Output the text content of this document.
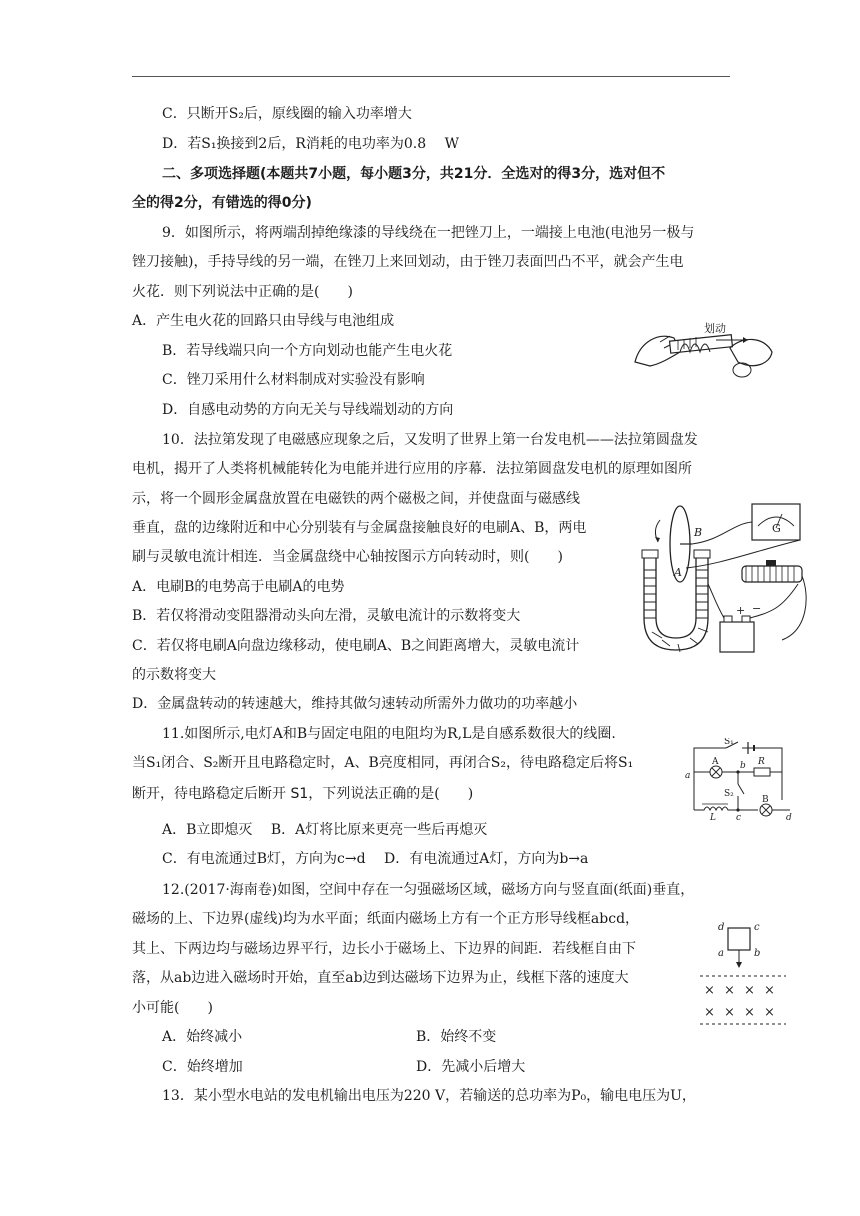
C．只断开S₂后，原线圈的输入功率增大
D．若S₁换接到2后，R消耗的电功率为0.8　 W
二、多项选择题(本题共7小题，每小题3分，共21分．全选对的得3分，选对但不
全的得2分，有错选的得0分)
9．如图所示，将两端刮掉绝缘漆的导线绕在一把锉刀上，一端接上电池(电池另一极与
锉刀接触)，手持导线的另一端，在锉刀上来回划动，由于锉刀表面凹凸不平，就会产生电
火花．则下列说法中正确的是(　　)
A．产生电火花的回路只由导线与电池组成
B．若导线端只向一个方向划动也能产生电火花
C．锉刀采用什么材料制成对实验没有影响
D．自感电动势的方向无关与导线端划动的方向
划动
10．法拉第发现了电磁感应现象之后，又发明了世界上第一台发电机——法拉第圆盘发
电机，揭开了人类将机械能转化为电能并进行应用的序幕．法拉第圆盘发电机的原理如图所
示，将一个圆形金属盘放置在电磁铁的两个磁极之间，并使盘面与磁感线
垂直，盘的边缘附近和中心分别装有与金属盘接触良好的电刷A、B，两电
刷与灵敏电流计相连．当金属盘绕中心轴按图示方向转动时，则(　　)
A．电刷B的电势高于电刷A的电势
B．若仅将滑动变阻器滑动头向左滑，灵敏电流计的示数将变大
C．若仅将电刷A向盘边缘移动，使电刷A、B之间距离增大，灵敏电流计
的示数将变大
D．金属盘转动的转速越大，维持其做匀速转动所需外力做功的功率越小
B
A
G
+ −
11.如图所示,电灯A和B与固定电阻的电阻均为R,L是自感系数很大的线圈.
当S₁闭合、S₂断开且电路稳定时，A、B亮度相同，再闭合S₂，待电路稳定后将S₁
断开，待电路稳定后断开 S1，下列说法正确的是(　　)
A．B立即熄灭　 B．A灯将比原来更亮一些后再熄灭
C．有电流通过B灯，方向为c→d　 D．有电流通过A灯，方向为b→a
S₁
S₂
a
b
c	d
A	R
B
L
12.(2017·海南卷)如图，空间中存在一匀强磁场区域，磁场方向与竖直面(纸面)垂直，
磁场的上、下边界(虚线)均为水平面；纸面内磁场上方有一个正方形导线框abcd，
其上、下两边均与磁场边界平行，边长小于磁场上、下边界的间距．若线框自由下
落，从ab边进入磁场时开始，直至ab边到达磁场下边界为止，线框下落的速度大
小可能(　　)
A．始终减小	B．始终不变
C．始终增加	D．先减小后增大
d	c
a	b
× × × ×
× × × ×
13．某小型水电站的发电机输出电压为220 V，若输送的总功率为P₀，输电电压为U，
